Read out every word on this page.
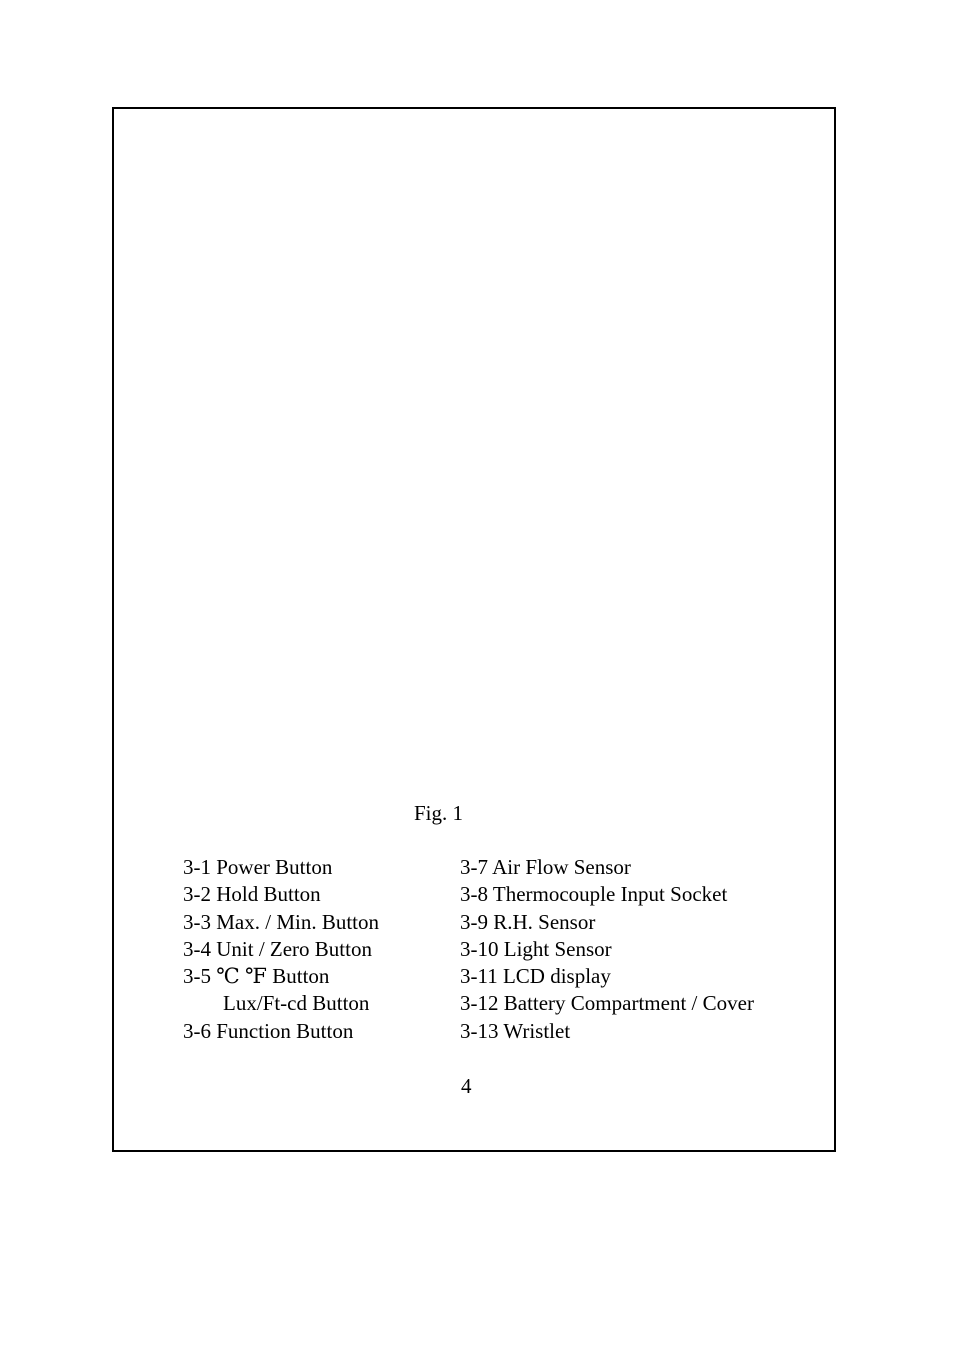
Fig. 1
3-1 Power Button
3-2 Hold Button
3-3 Max. / Min. Button
3-4 Unit / Zero Button
3-5 ℃ ℉ Button
Lux/Ft-cd Button
3-6 Function Button
3-7 Air Flow Sensor
3-8 Thermocouple Input Socket
3-9 R.H. Sensor
3-10 Light Sensor
3-11 LCD display
3-12 Battery Compartment / Cover
3-13 Wristlet
4
